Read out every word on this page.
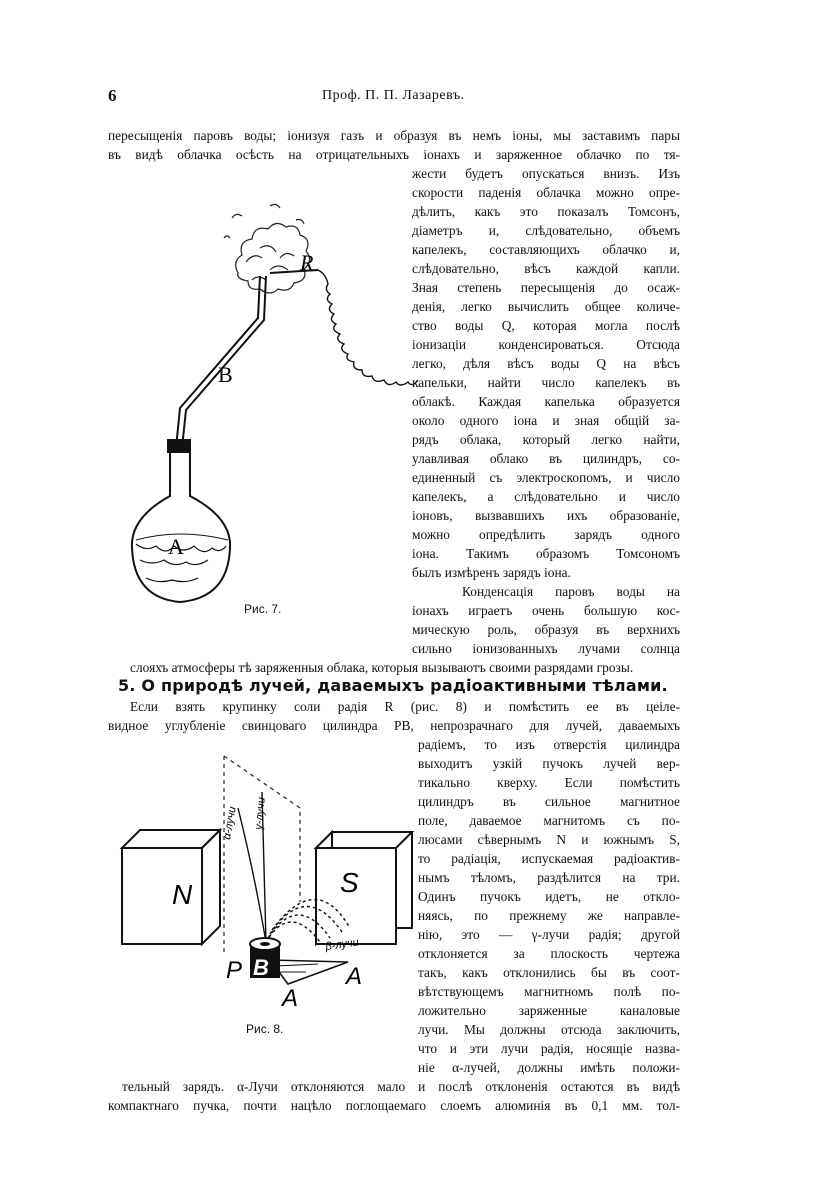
6	Проф. П. П. Лазаревъ.
пересыщенія паровъ воды; іонизуя газъ и образуя въ немъ іоны, мы заставимъ пары
въ видѣ облачка осѣсть на отрицательныхъ іонахъ и заряженное облачко по тя-
жести будетъ опускаться внизъ. Изъ
скорости паденія облачка можно опре-
дѣлить, какъ это показалъ Томсонъ,
діаметръ и, слѣдовательно, объемъ
капелекъ, составляющихъ облачко и,
слѣдовательно, вѣсъ каждой капли.
Зная степень пересыщенія до осаж-
денія, легко вычислить общее количе-
ство воды Q, которая могла послѣ
іонизаціи конденсироваться. Отсюда
легко, дѣля вѣсъ воды Q на вѣсъ
капельки, найти число капелекъ въ
облакѣ. Каждая капелька образуется
около одного іона и зная общій за-
рядъ облака, который легко найти,
улавливая облако въ цилиндръ, со-
единенный съ электроскопомъ, и число
капелекъ, а слѣдовательно и число
іоновъ, вызвавшихъ ихъ образованіе,
можно опредѣлить зарядъ одного
іона. Такимъ образомъ Томсономъ
былъ измѣренъ зарядъ іона.
Конденсація паровъ воды на
іонахъ играетъ очень большую кос-
мическую роль, образуя въ верхнихъ
сильно іонизованныхъ лучами солнца
слояхъ атмосферы тѣ заряженныя облака, которыя вызываютъ своими разрядами грозы.
5. О природѣ лучей, даваемыхъ радіоактивными тѣлами.
Если взять крупинку соли радія R (рис. 8) и помѣстить ее въ цеіле-
видное углубленіе свинцоваго цилиндра PB, непрозрачнаго для лучей, даваемыхъ
радіемъ, то изъ отверстія цилиндра
выходитъ узкій пучокъ лучей вер-
тикально кверху. Если помѣстить
цилиндръ въ сильное магнитное
поле, даваемое магнитомъ съ по-
люсами сѣвернымъ N и южнымъ S,
то радіація, испускаемая радіоактив-
нымъ тѣломъ, раздѣлится на три.
Одинъ пучокъ идетъ, не откло-
няясь, по прежнему же направле-
нію, это — γ-лучи радія; другой
отклоняется за плоскость чертежа
такъ, какъ отклонились бы въ соот-
вѣтствующемъ магнитномъ полѣ по-
ложительно заряженные каналовые
лучи. Мы должны отсюда заключить,
что и эти лучи радія, носящіе назва-
ніе α-лучей, должны имѣть положи-
тельный зарядъ. α-Лучи отклоняются мало и послѣ отклоненія остаются въ видѣ
компактнаго пучка, почти нацѣло поглощаемаго слоемъ алюминія въ 0,1 мм. тол-
R
B
A
Рис. 7.
N	S
P B
A
A
α-лучи γ-лучи
β-лучи
Рис. 8.
